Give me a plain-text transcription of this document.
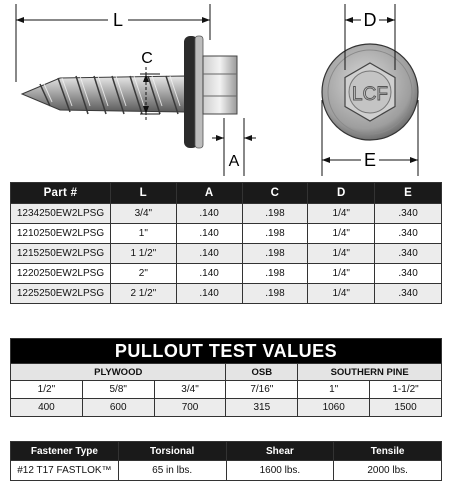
L
C
A
LCF
D
E
Part #	L	A	C	D	E
1234250EW2LPSG	3/4"	.140	.198	1/4"	.340
1210250EW2LPSG	1"	.140	.198	1/4"	.340
1215250EW2LPSG	1 1/2"	.140	.198	1/4"	.340
1220250EW2LPSG	2"	.140	.198	1/4"	.340
1225250EW2LPSG	2 1/2"	.140	.198	1/4"	.340
PULLOUT TEST VALUES					
PLYWOOD			OSB	SOUTHERN PINE	
1/2"	5/8"	3/4"	7/16"	1"	1-1/2"
400	600	700	315	1060	1500
Fastener Type	Torsional	Shear	Tensile
#12 T17 FASTLOK™	65 in lbs.	1600 lbs.	2000 lbs.
